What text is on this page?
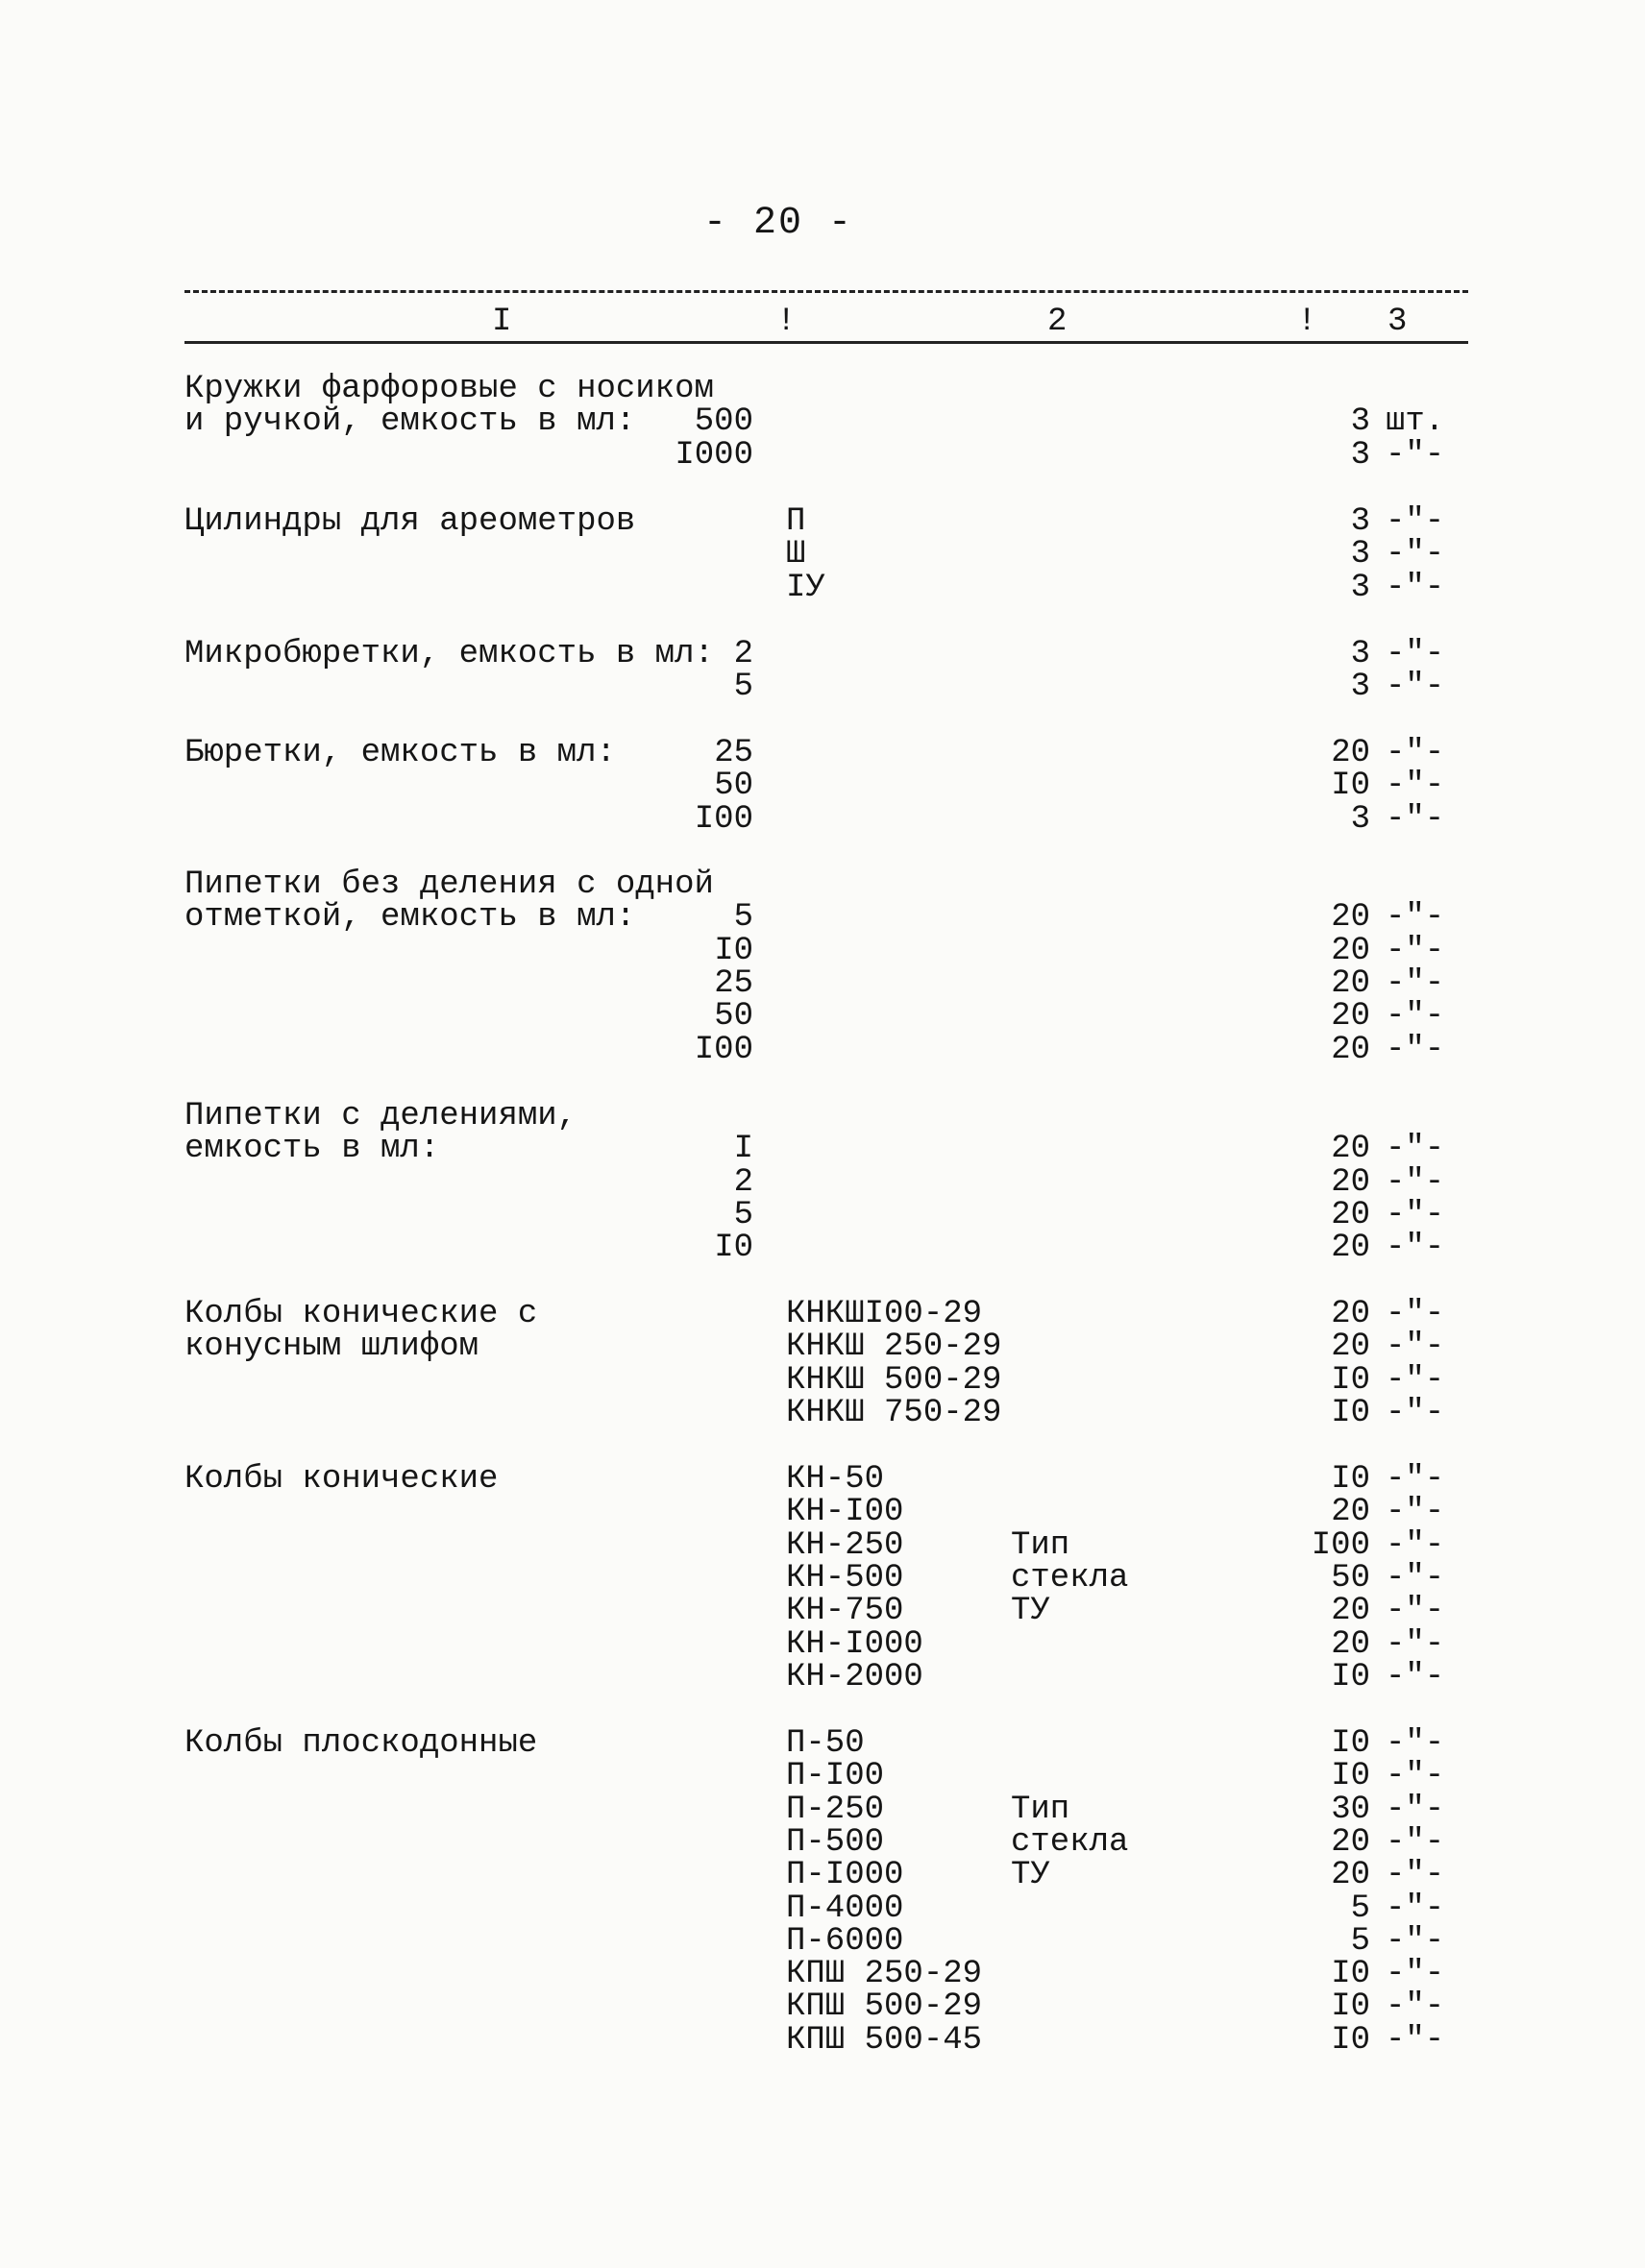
- 20 -
I	!	2	! 3
Кружки фарфоровые с носиком
и ручкой, емкость в мл:	500	3 шт.
I000	3 -"-
Цилиндры для ареометров	П	3 -"-
Ш	3 -"-
IУ	3 -"-
Микробюретки, емкость в мл: 2	3 -"-
5	3 -"-
Бюретки, емкость в мл:	25	20 -"-
50	I0 -"-
I00	3 -"-
Пипетки без деления с одной
отметкой, емкость в мл:	5	20 -"-
I0	20 -"-
25	20 -"-
50	20 -"-
I00	20 -"-
Пипетки с делениями,
емкость в мл:	I	20 -"-
2	20 -"-
5	20 -"-
I0	20 -"-
Колбы конические с	КНКШI00-29	20 -"-
конусным шлифом	КНКШ 250-29	20 -"-
КНКШ 500-29	I0 -"-
КНКШ 750-29	I0 -"-
Колбы конические	КН-50	I0 -"-
КН-I00	20 -"-
КН-250	Тип	I00 -"-
КН-500	стекла	50 -"-
КН-750	ТУ	20 -"-
КН-I000	20 -"-
КН-2000	I0 -"-
Колбы плоскодонные	П-50	I0 -"-
П-I00	I0 -"-
П-250	Тип	30 -"-
П-500	стекла	20 -"-
П-I000	ТУ	20 -"-
П-4000	5 -"-
П-6000	5 -"-
КПШ 250-29	I0 -"-
КПШ 500-29	I0 -"-
КПШ 500-45	I0 -"-
